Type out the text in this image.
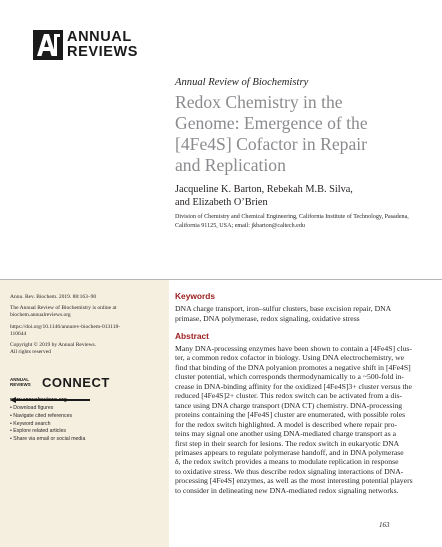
ANNUAL
REVIEWS
Annual Review of Biochemistry
Redox Chemistry in the
Genome: Emergence of the
[4Fe4S] Cofactor in Repair
and Replication
Jacqueline K. Barton, Rebekah M.B. Silva,
and Elizabeth O’Brien
Division of Chemistry and Chemical Engineering, California Institute of Technology, Pasadena,
California 91125, USA; email: jkbarton@caltech.edu
Annu. Rev. Biochem. 2019. 88:163–90
The Annual Review of Biochemistry is online at
biochem.annualreviews.org
https://doi.org/10.1146/annurev-biochem-013118-
110644
Copyright © 2019 by Annual Reviews.
All rights reserved
ANNUAL
REVIEWS CONNECT
www.annualreviews.org
• Download figures
• Navigate cited references
• Keyword search
• Explore related articles
• Share via email or social media
Keywords
DNA charge transport, iron–sulfur clusters, base excision repair, DNA
primase, DNA polymerase, redox signaling, oxidative stress
Abstract
Many DNA-processing enzymes have been shown to contain a [4Fe4S] clus-
ter, a common redox cofactor in biology. Using DNA electrochemistry, we
find that binding of the DNA polyanion promotes a negative shift in [4Fe4S]
cluster potential, which corresponds thermodynamically to a ~500-fold in-
crease in DNA-binding affinity for the oxidized [4Fe4S]3+ cluster versus the
reduced [4Fe4S]2+ cluster. This redox switch can be activated from a dis-
tance using DNA charge transport (DNA CT) chemistry. DNA-processing
proteins containing the [4Fe4S] cluster are enumerated, with possible roles
for the redox switch highlighted. A model is described where repair pro-
teins may signal one another using DNA-mediated charge transport as a
first step in their search for lesions. The redox switch in eukaryotic DNA
primases appears to regulate polymerase handoff, and in DNA polymerase
δ, the redox switch provides a means to modulate replication in response
to oxidative stress. We thus describe redox signaling interactions of DNA-
processing [4Fe4S] enzymes, as well as the most interesting potential players
to consider in delineating new DNA-mediated redox signaling networks.
163
